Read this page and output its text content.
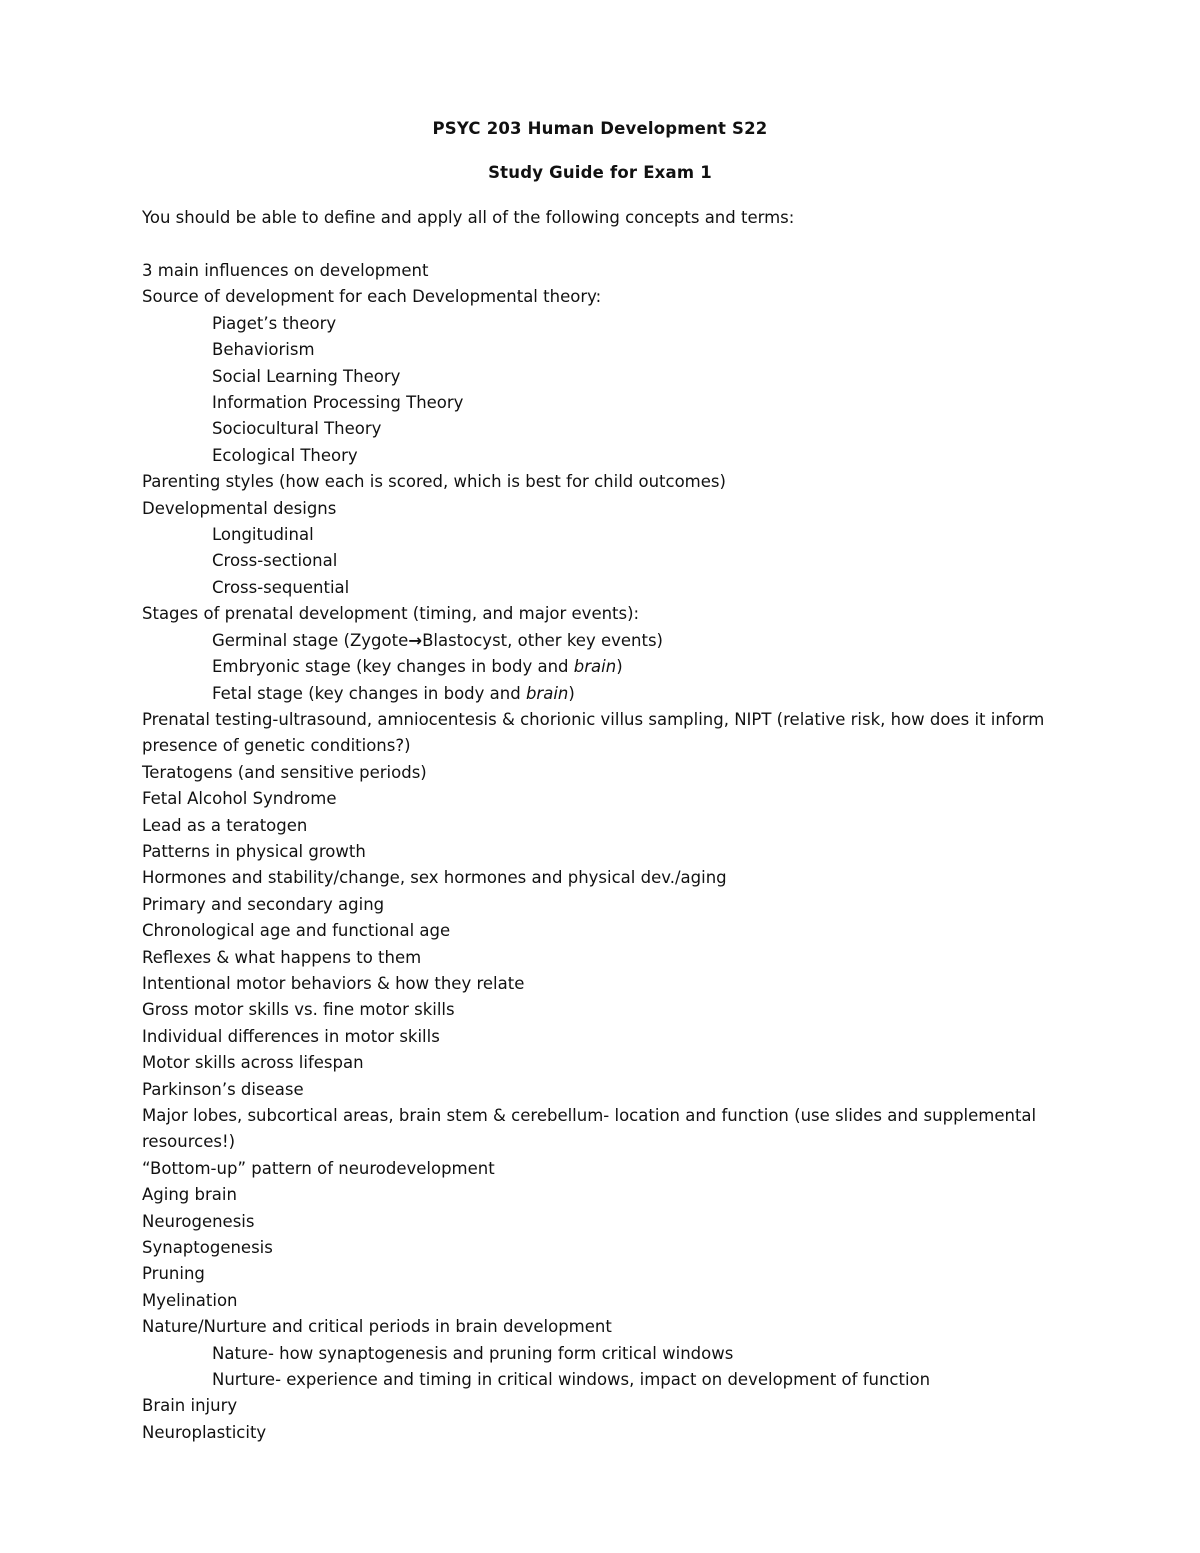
PSYC 203 Human Development S22
Study Guide for Exam 1
You should be able to define and apply all of the following concepts and terms:
3 main influences on development
Source of development for each Developmental theory:
Piaget’s theory
Behaviorism
Social Learning Theory
Information Processing Theory
Sociocultural Theory
Ecological Theory
Parenting styles (how each is scored, which is best for child outcomes)
Developmental designs
Longitudinal
Cross-sectional
Cross-sequential
Stages of prenatal development (timing, and major events):
Germinal stage (Zygote→Blastocyst, other key events)
Embryonic stage (key changes in body and brain)
Fetal stage (key changes in body and brain)
Prenatal testing-ultrasound, amniocentesis & chorionic villus sampling, NIPT (relative risk, how does it inform presence of genetic conditions?)
Teratogens (and sensitive periods)
Fetal Alcohol Syndrome
Lead as a teratogen
Patterns in physical growth
Hormones and stability/change, sex hormones and physical dev./aging
Primary and secondary aging
Chronological age and functional age
Reflexes & what happens to them
Intentional motor behaviors & how they relate
Gross motor skills vs. fine motor skills
Individual differences in motor skills
Motor skills across lifespan
Parkinson’s disease
Major lobes, subcortical areas, brain stem & cerebellum- location and function (use slides and supplemental resources!)
“Bottom-up” pattern of neurodevelopment
Aging brain
Neurogenesis
Synaptogenesis
Pruning
Myelination
Nature/Nurture and critical periods in brain development
Nature- how synaptogenesis and pruning form critical windows
Nurture- experience and timing in critical windows, impact on development of function
Brain injury
Neuroplasticity
